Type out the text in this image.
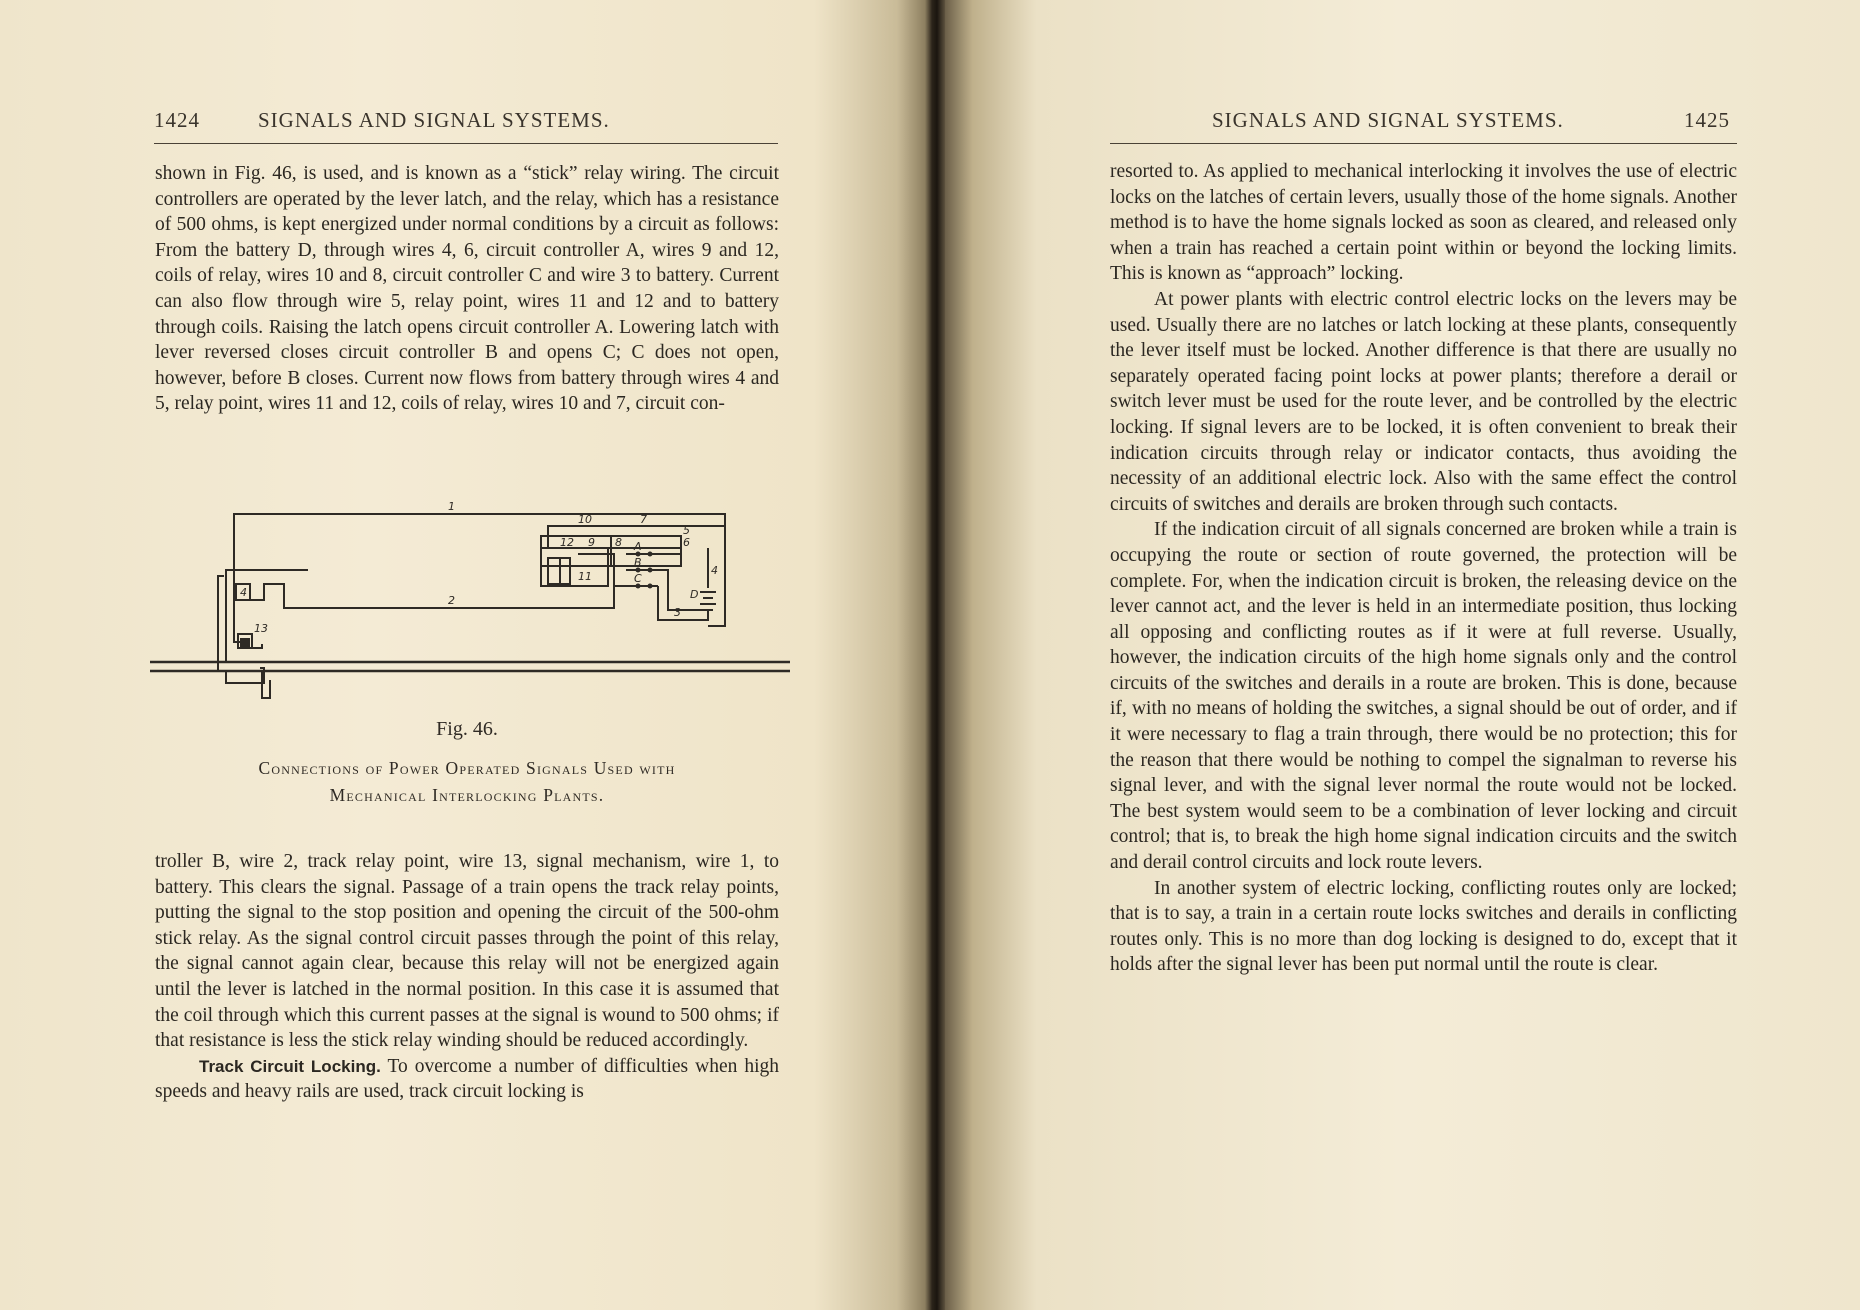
1424	SIGNALS AND SIGNAL SYSTEMS.

shown in Fig. 46, is used, and is known as a “stick” relay wiring. The circuit controllers are operated by the lever latch, and the relay, which has a resistance of 500 ohms, is kept energized under normal conditions by a circuit as follows: From the battery D, through wires 4, 6, circuit controller A, wires 9 and 12, coils of relay, wires 10 and 8, circuit controller C and wire 3 to battery. Current can also flow through wire 5, relay point, wires 11 and 12 and to battery through coils. Raising the latch opens circuit controller A. Lowering latch with lever reversed closes circuit controller B and opens C; C does not open, however, before B closes. Current now flows from battery through wires 4 and 5, relay point, wires 11 and 12, coils of relay, wires 10 and 7, circuit con-

1
10	7
5
12 9 8	6
A
B
C
11	4
D
3
2
4
13
Fig. 46.
Connections of Power Operated Signals Used with
Mechanical Interlocking Plants.

troller B, wire 2, track relay point, wire 13, signal mechanism, wire 1, to battery. This clears the signal. Passage of a train opens the track relay points, putting the signal to the stop position and opening the circuit of the 500-ohm stick relay. As the signal control circuit passes through the point of this relay, the signal cannot again clear, because this relay will not be energized again until the lever is latched in the normal position. In this case it is assumed that the coil through which this current passes at the signal is wound to 500 ohms; if that resistance is less the stick relay winding should be reduced accordingly.

Track Circuit Locking. To overcome a number of difficulties when high speeds and heavy rails are used, track circuit locking is

SIGNALS AND SIGNAL SYSTEMS.	1425

resorted to. As applied to mechanical interlocking it involves the use of electric locks on the latches of certain levers, usually those of the home signals. Another method is to have the home signals locked as soon as cleared, and released only when a train has reached a certain point within or beyond the locking limits. This is known as “approach” locking.

At power plants with electric control electric locks on the levers may be used. Usually there are no latches or latch locking at these plants, consequently the lever itself must be locked. Another difference is that there are usually no separately operated facing point locks at power plants; therefore a derail or switch lever must be used for the route lever, and be controlled by the electric locking. If signal levers are to be locked, it is often convenient to break their indication circuits through relay or indicator contacts, thus avoiding the necessity of an additional electric lock. Also with the same effect the control circuits of switches and derails are broken through such contacts.

If the indication circuit of all signals concerned are broken while a train is occupying the route or section of route governed, the protection will be complete. For, when the indication circuit is broken, the releasing device on the lever cannot act, and the lever is held in an intermediate position, thus locking all opposing and conflicting routes as if it were at full reverse. Usually, however, the indication circuits of the high home signals only and the control circuits of the switches and derails in a route are broken. This is done, because if, with no means of holding the switches, a signal should be out of order, and if it were necessary to flag a train through, there would be no protection; this for the reason that there would be nothing to compel the signalman to reverse his signal lever, and with the signal lever normal the route would not be locked. The best system would seem to be a combination of lever locking and circuit control; that is, to break the high home signal indication circuits and the switch and derail control circuits and lock route levers.

In another system of electric locking, conflicting routes only are locked; that is to say, a train in a certain route locks switches and derails in conflicting routes only. This is no more than dog locking is designed to do, except that it holds after the signal lever has been put normal until the route is clear.
